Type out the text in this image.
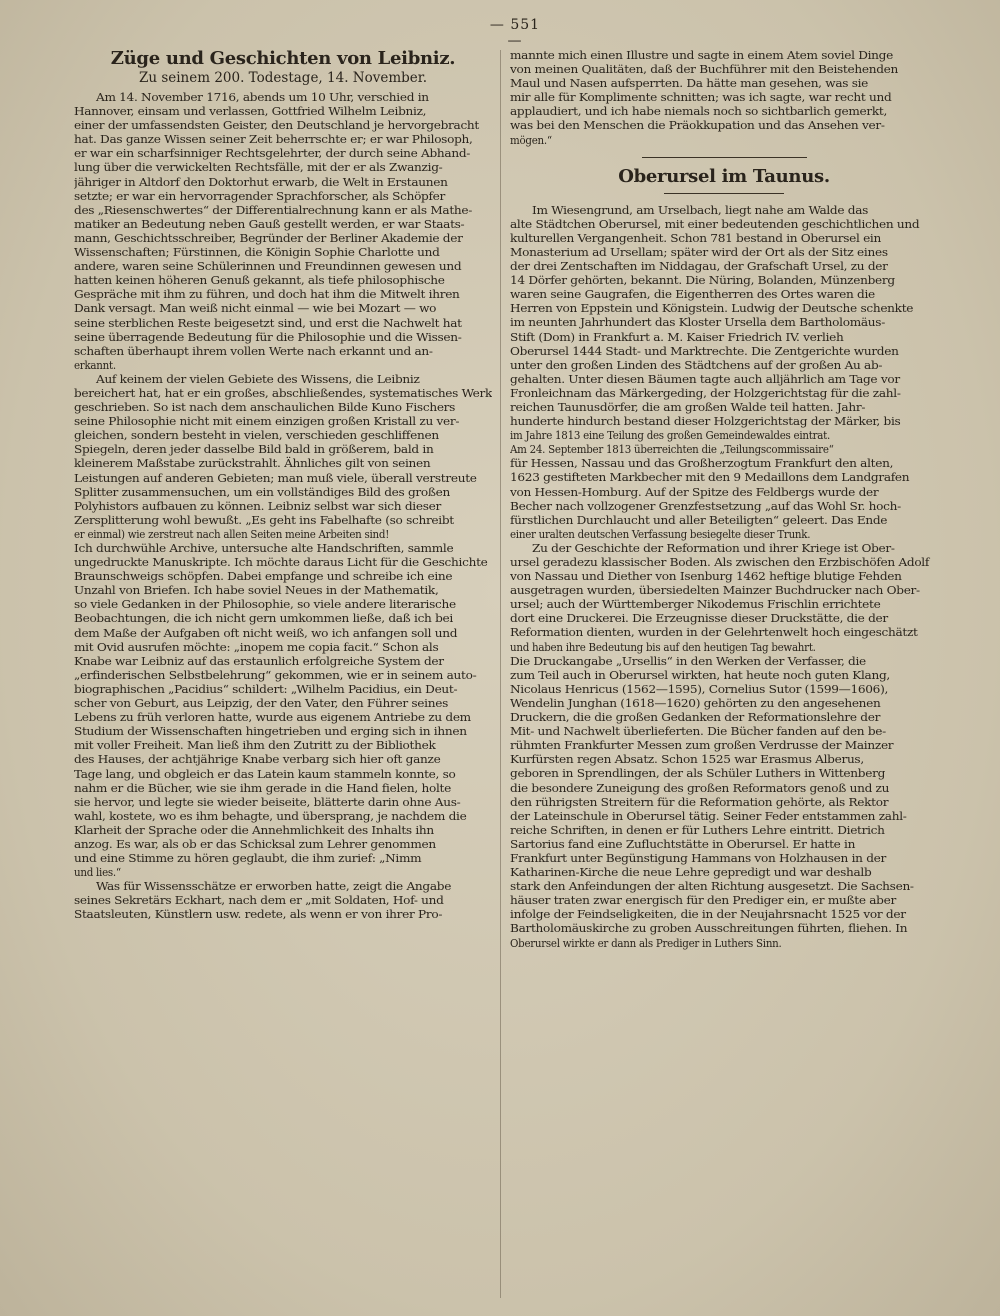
— 551 —
Züge und Geschichten von Leibniz.
Zu seinem 200. Todestage, 14. November.
Am 14. November 1716, abends um 10 Uhr, verschied in
Hannover, einsam und verlassen, Gottfried Wilhelm Leibniz,
einer der umfassendsten Geister, den Deutschland je hervorgebracht
hat. Das ganze Wissen seiner Zeit beherrschte er; er war Philosoph,
er war ein scharfsinniger Rechtsgelehrter, der durch seine Abhand-
lung über die verwickelten Rechtsfälle, mit der er als Zwanzig-
jähriger in Altdorf den Doktorhut erwarb, die Welt in Erstaunen
setzte; er war ein hervorragender Sprachforscher, als Schöpfer
des „Riesenschwertes“ der Differentialrechnung kann er als Mathe-
matiker an Bedeutung neben Gauß gestellt werden, er war Staats-
mann, Geschichtsschreiber, Begründer der Berliner Akademie der
Wissenschaften; Fürstinnen, die Königin Sophie Charlotte und
andere, waren seine Schülerinnen und Freundinnen gewesen und
hatten keinen höheren Genuß gekannt, als tiefe philosophische
Gespräche mit ihm zu führen, und doch hat ihm die Mitwelt ihren
Dank versagt. Man weiß nicht einmal — wie bei Mozart — wo
seine sterblichen Reste beigesetzt sind, und erst die Nachwelt hat
seine überragende Bedeutung für die Philosophie und die Wissen-
schaften überhaupt ihrem vollen Werte nach erkannt und an-
erkannt.
Auf keinem der vielen Gebiete des Wissens, die Leibniz
bereichert hat, hat er ein großes, abschließendes, systematisches Werk
geschrieben. So ist nach dem anschaulichen Bilde Kuno Fischers
seine Philosophie nicht mit einem einzigen großen Kristall zu ver-
gleichen, sondern besteht in vielen, verschieden geschliffenen
Spiegeln, deren jeder dasselbe Bild bald in größerem, bald in
kleinerem Maßstabe zurückstrahlt. Ähnliches gilt von seinen
Leistungen auf anderen Gebieten; man muß viele, überall verstreute
Splitter zusammensuchen, um ein vollständiges Bild des großen
Polyhistors aufbauen zu können. Leibniz selbst war sich dieser
Zersplitterung wohl bewußt. „Es geht ins Fabelhafte (so schreibt
er einmal) wie zerstreut nach allen Seiten meine Arbeiten sind!
Ich durchwühle Archive, untersuche alte Handschriften, sammle
ungedruckte Manuskripte. Ich möchte daraus Licht für die Geschichte
Braunschweigs schöpfen. Dabei empfange und schreibe ich eine
Unzahl von Briefen. Ich habe soviel Neues in der Mathematik,
so viele Gedanken in der Philosophie, so viele andere literarische
Beobachtungen, die ich nicht gern umkommen ließe, daß ich bei
dem Maße der Aufgaben oft nicht weiß, wo ich anfangen soll und
mit Ovid ausrufen möchte: „inopem me copia facit.“ Schon als
Knabe war Leibniz auf das erstaunlich erfolgreiche System der
„erfinderischen Selbstbelehrung“ gekommen, wie er in seinem auto-
biographischen „Pacidius“ schildert: „Wilhelm Pacidius, ein Deut-
scher von Geburt, aus Leipzig, der den Vater, den Führer seines
Lebens zu früh verloren hatte, wurde aus eigenem Antriebe zu dem
Studium der Wissenschaften hingetrieben und erging sich in ihnen
mit voller Freiheit. Man ließ ihm den Zutritt zu der Bibliothek
des Hauses, der achtjährige Knabe verbarg sich hier oft ganze
Tage lang, und obgleich er das Latein kaum stammeln konnte, so
nahm er die Bücher, wie sie ihm gerade in die Hand fielen, holte
sie hervor, und legte sie wieder beiseite, blätterte darin ohne Aus-
wahl, kostete, wo es ihm behagte, und übersprang, je nachdem die
Klarheit der Sprache oder die Annehmlichkeit des Inhalts ihn
anzog. Es war, als ob er das Schicksal zum Lehrer genommen
und eine Stimme zu hören geglaubt, die ihm zurief: „Nimm
und lies.“
Was für Wissensschätze er erworben hatte, zeigt die Angabe
seines Sekretärs Eckhart, nach dem er „mit Soldaten, Hof- und
Staatsleuten, Künstlern usw. redete, als wenn er von ihrer Pro-
mannte mich einen Illustre und sagte in einem Atem soviel Dinge
von meinen Qualitäten, daß der Buchführer mit den Beistehenden
Maul und Nasen aufsperrten. Da hätte man gesehen, was sie
mir alle für Komplimente schnitten; was ich sagte, war recht und
applaudiert, und ich habe niemals noch so sichtbarlich gemerkt,
was bei den Menschen die Präokkupation und das Ansehen ver-
mögen.“
Oberursel im Taunus.
Im Wiesengrund, am Urselbach, liegt nahe am Walde das
alte Städtchen Oberursel, mit einer bedeutenden geschichtlichen und
kulturellen Vergangenheit. Schon 781 bestand in Oberursel ein
Monasterium ad Ursellam; später wird der Ort als der Sitz eines
der drei Zentschaften im Niddagau, der Grafschaft Ursel, zu der
14 Dörfer gehörten, bekannt. Die Nüring, Bolanden, Münzenberg
waren seine Gaugrafen, die Eigentherren des Ortes waren die
Herren von Eppstein und Königstein. Ludwig der Deutsche schenkte
im neunten Jahrhundert das Kloster Ursella dem Bartholomäus-
Stift (Dom) in Frankfurt a. M. Kaiser Friedrich IV. verlieh
Oberursel 1444 Stadt- und Marktrechte. Die Zentgerichte wurden
unter den großen Linden des Städtchens auf der großen Au ab-
gehalten. Unter diesen Bäumen tagte auch alljährlich am Tage vor
Fronleichnam das Märkergeding, der Holzgerichtstag für die zahl-
reichen Taunusdörfer, die am großen Walde teil hatten. Jahr-
hunderte hindurch bestand dieser Holzgerichtstag der Märker, bis
im Jahre 1813 eine Teilung des großen Gemeindewaldes eintrat.
Am 24. September 1813 überreichten die „Teilungscommissaire“
für Hessen, Nassau und das Großherzogtum Frankfurt den alten,
1623 gestifteten Markbecher mit den 9 Medaillons dem Landgrafen
von Hessen-Homburg. Auf der Spitze des Feldbergs wurde der
Becher nach vollzogener Grenzfestsetzung „auf das Wohl Sr. hoch-
fürstlichen Durchlaucht und aller Beteiligten“ geleert. Das Ende
einer uralten deutschen Verfassung besiegelte dieser Trunk.
Zu der Geschichte der Reformation und ihrer Kriege ist Ober-
ursel geradezu klassischer Boden. Als zwischen den Erzbischöfen Adolf
von Nassau und Diether von Isenburg 1462 heftige blutige Fehden
ausgetragen wurden, übersiedelten Mainzer Buchdrucker nach Ober-
ursel; auch der Württemberger Nikodemus Frischlin errichtete
dort eine Druckerei. Die Erzeugnisse dieser Druckstätte, die der
Reformation dienten, wurden in der Gelehrtenwelt hoch eingeschätzt
und haben ihre Bedeutung bis auf den heutigen Tag bewahrt.
Die Druckangabe „Ursellis“ in den Werken der Verfasser, die
zum Teil auch in Oberursel wirkten, hat heute noch guten Klang,
Nicolaus Henricus (1562—1595), Cornelius Sutor (1599—1606),
Wendelin Junghan (1618—1620) gehörten zu den angesehenen
Druckern, die die großen Gedanken der Reformationslehre der
Mit- und Nachwelt überlieferten. Die Bücher fanden auf den be-
rühmten Frankfurter Messen zum großen Verdrusse der Mainzer
Kurfürsten regen Absatz. Schon 1525 war Erasmus Alberus,
geboren in Sprendlingen, der als Schüler Luthers in Wittenberg
die besondere Zuneigung des großen Reformators genoß und zu
den rührigsten Streitern für die Reformation gehörte, als Rektor
der Lateinschule in Oberursel tätig. Seiner Feder entstammen zahl-
reiche Schriften, in denen er für Luthers Lehre eintritt. Dietrich
Sartorius fand eine Zufluchtstätte in Oberursel. Er hatte in
Frankfurt unter Begünstigung Hammans von Holzhausen in der
Katharinen-Kirche die neue Lehre gepredigt und war deshalb
stark den Anfeindungen der alten Richtung ausgesetzt. Die Sachsen-
häuser traten zwar energisch für den Prediger ein, er mußte aber
infolge der Feindseligkeiten, die in der Neujahrsnacht 1525 vor der
Bartholomäuskirche zu groben Ausschreitungen führten, fliehen. In
Oberursel wirkte er dann als Prediger in Luthers Sinn.
